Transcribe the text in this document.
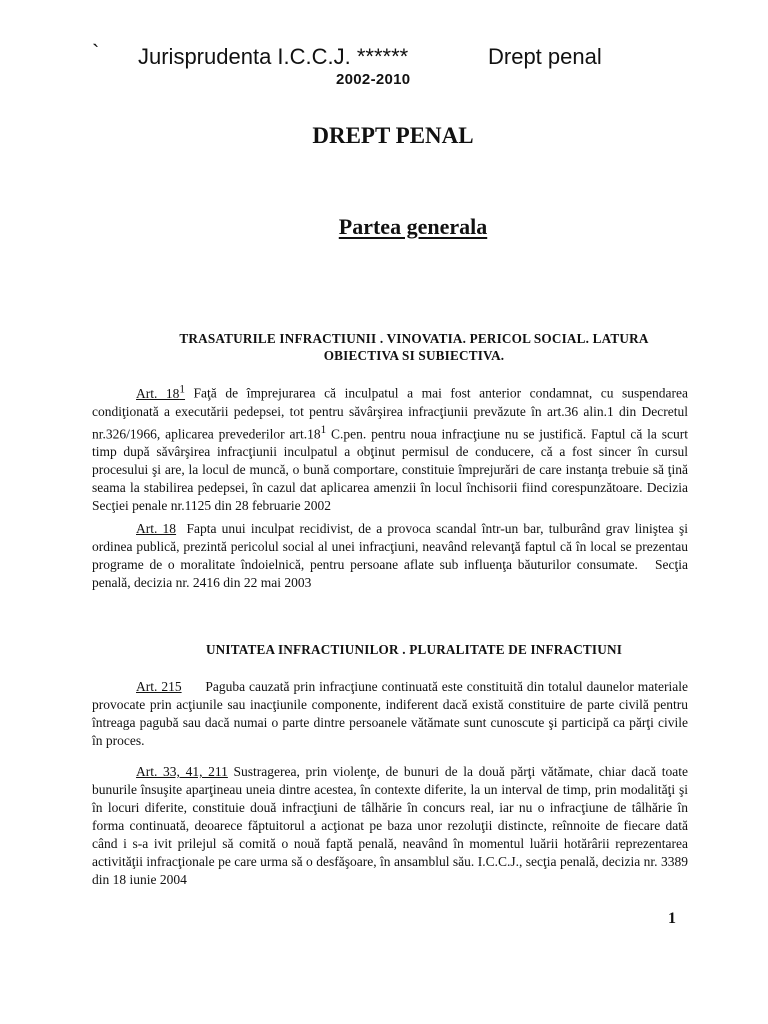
` Jurisprudenta I.C.C.J. ******	Drept penal
2002-2010
DREPT PENAL
Partea generala
TRASATURILE INFRACTIUNII . VINOVATIA. PERICOL SOCIAL. LATURA
OBIECTIVA SI SUBIECTIVA.

Art. $18^1$ Faţă de împrejurarea că inculpatul a mai fost anterior condamnat, cu suspendarea condiţionată a executării pedepsei, tot pentru săvârşirea infracţiunii prevăzute în art.36 alin.1 din Decretul nr.326/1966, aplicarea prevederilor $art.18^1$ C.pen. pentru noua infracţiune nu se justifică. Faptul că la scurt timp după săvârşirea infracţiunii inculpatul a obţinut permisul de conducere, că a fost sincer în cursul procesului şi are, la locul de muncă, o bună comportare, constituie împrejurări de care instanţa trebuie să ţină seama la stabilirea pedepsei, în cazul dat aplicarea amenzii în locul închisorii fiind corespunzătoare. Decizia Secţiei penale nr.1125 din 28 februarie 2002

Art. 18  Fapta unui inculpat recidivist, de a provoca scandal într-un bar, tulburând grav liniştea şi ordinea publică, prezintă pericolul social al unei infracţiuni, neavând relevanţă faptul că în local se prezentau programe de o moralitate îndoielnică, pentru persoane aflate sub influenţa băuturilor consumate.   Secţia penală, decizia nr. 2416 din 22 mai 2003

UNITATEA INFRACTIUNILOR . PLURALITATE DE INFRACTIUNI

Art. 215      Paguba cauzată prin infracţiune continuată este constituită din totalul daunelor materiale provocate prin acţiunile sau inacţiunile componente, indiferent dacă există constituire de parte civilă pentru întreaga pagubă sau dacă numai o parte dintre persoanele vătămate sunt cunoscute şi participă ca părţi civile în proces.

Art. 33, 41, 211 Sustragerea, prin violenţe, de bunuri de la două părţi vătămate, chiar dacă toate bunurile însuşite aparţineau uneia dintre acestea, în contexte diferite, la un interval de timp, prin modalităţi şi în locuri diferite, constituie două infracţiuni de tâlhărie în concurs real, iar nu o infracţiune de tâlhărie în forma continuată, deoarece făptuitorul a acţionat pe baza unor rezoluţii distincte, reînnoite de fiecare dată când i s-a ivit prilejul să comită o nouă faptă penală, neavând în momentul luării hotărârii reprezentarea activităţii infracţionale pe care urma să o desfăşoare, în ansamblul său. I.C.C.J., secţia penală, decizia nr. 3389 din 18 iunie 2004

1
